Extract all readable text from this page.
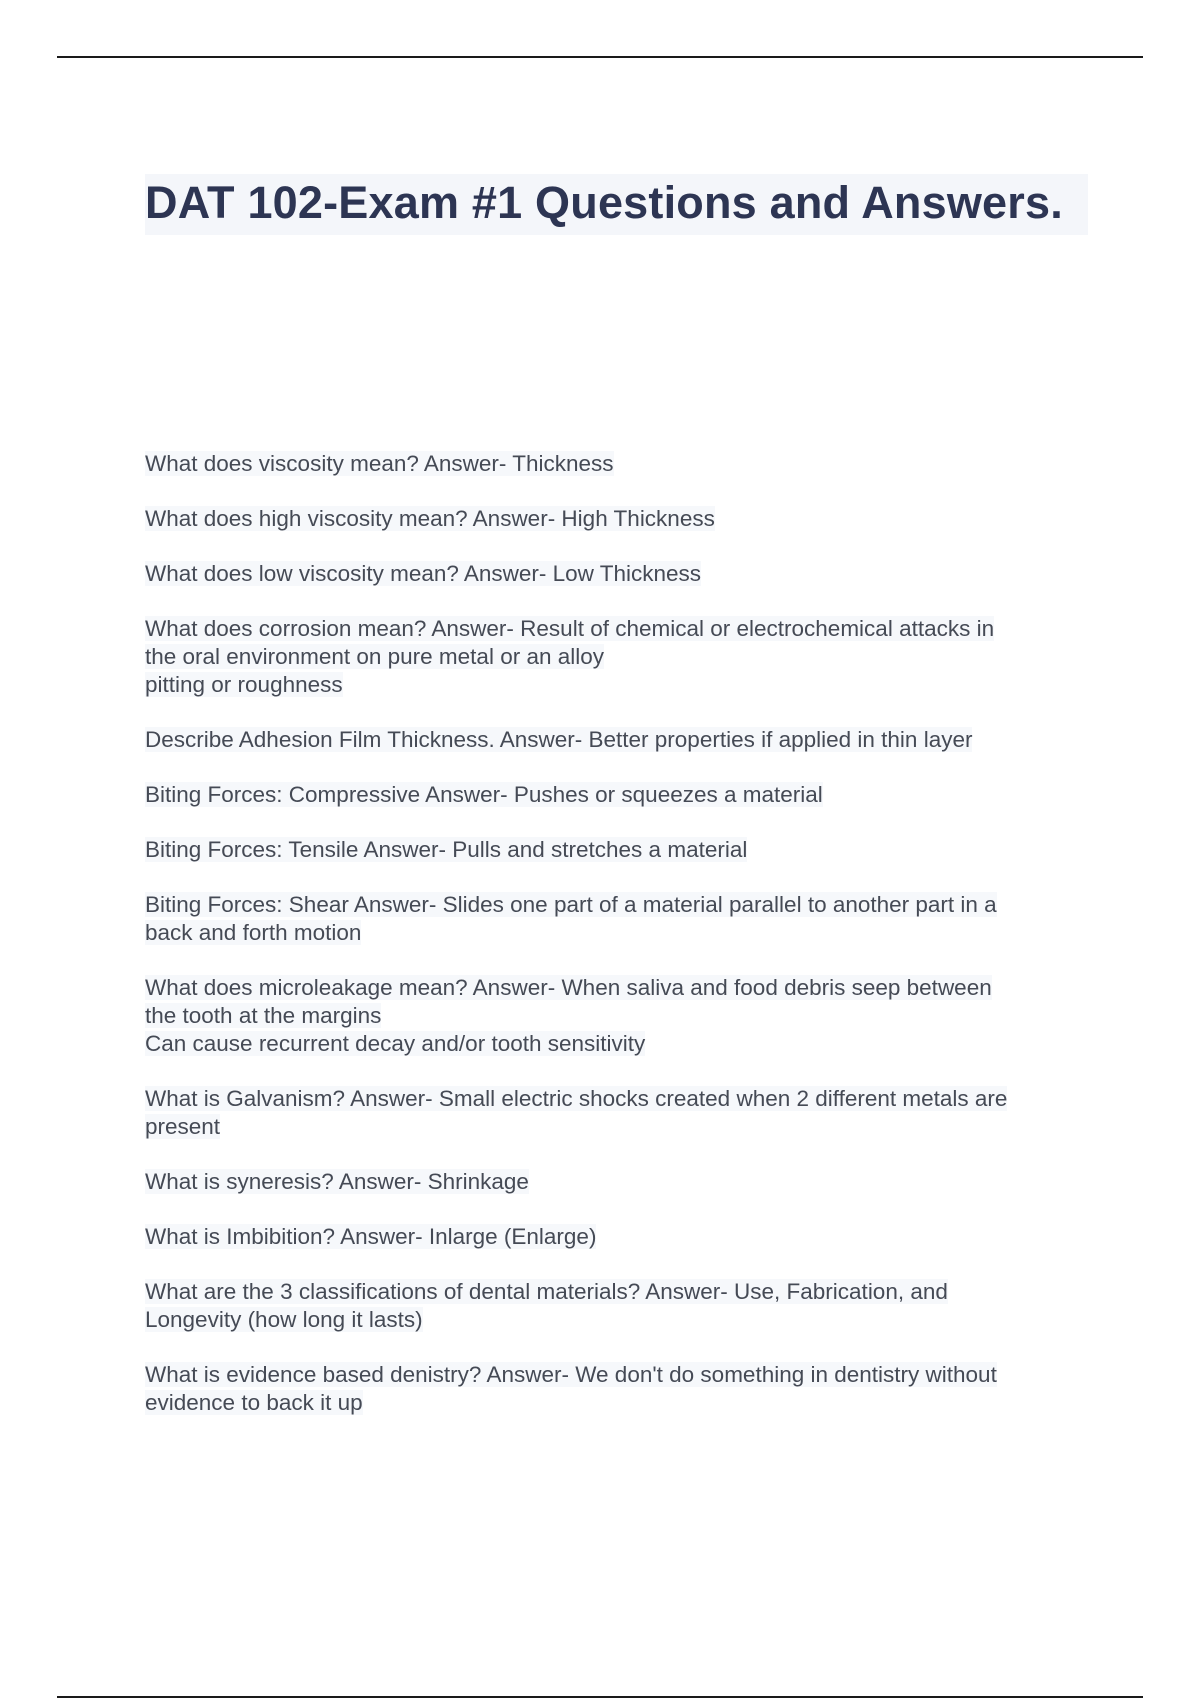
DAT 102-Exam #1 Questions and Answers.
What does viscosity mean? Answer- Thickness
What does high viscosity mean? Answer- High Thickness
What does low viscosity mean? Answer- Low Thickness
What does corrosion mean? Answer- Result of chemical or electrochemical attacks in
the oral environment on pure metal or an alloy
pitting or roughness
Describe Adhesion Film Thickness. Answer- Better properties if applied in thin layer
Biting Forces: Compressive Answer- Pushes or squeezes a material
Biting Forces: Tensile Answer- Pulls and stretches a material
Biting Forces: Shear Answer- Slides one part of a material parallel to another part in a
back and forth motion
What does microleakage mean? Answer- When saliva and food debris seep between
the tooth at the margins
Can cause recurrent decay and/or tooth sensitivity
What is Galvanism? Answer- Small electric shocks created when 2 different metals are
present
What is syneresis? Answer- Shrinkage
What is Imbibition? Answer- Inlarge (Enlarge)
What are the 3 classifications of dental materials? Answer- Use, Fabrication, and
Longevity (how long it lasts)
What is evidence based denistry? Answer- We don't do something in dentistry without
evidence to back it up
